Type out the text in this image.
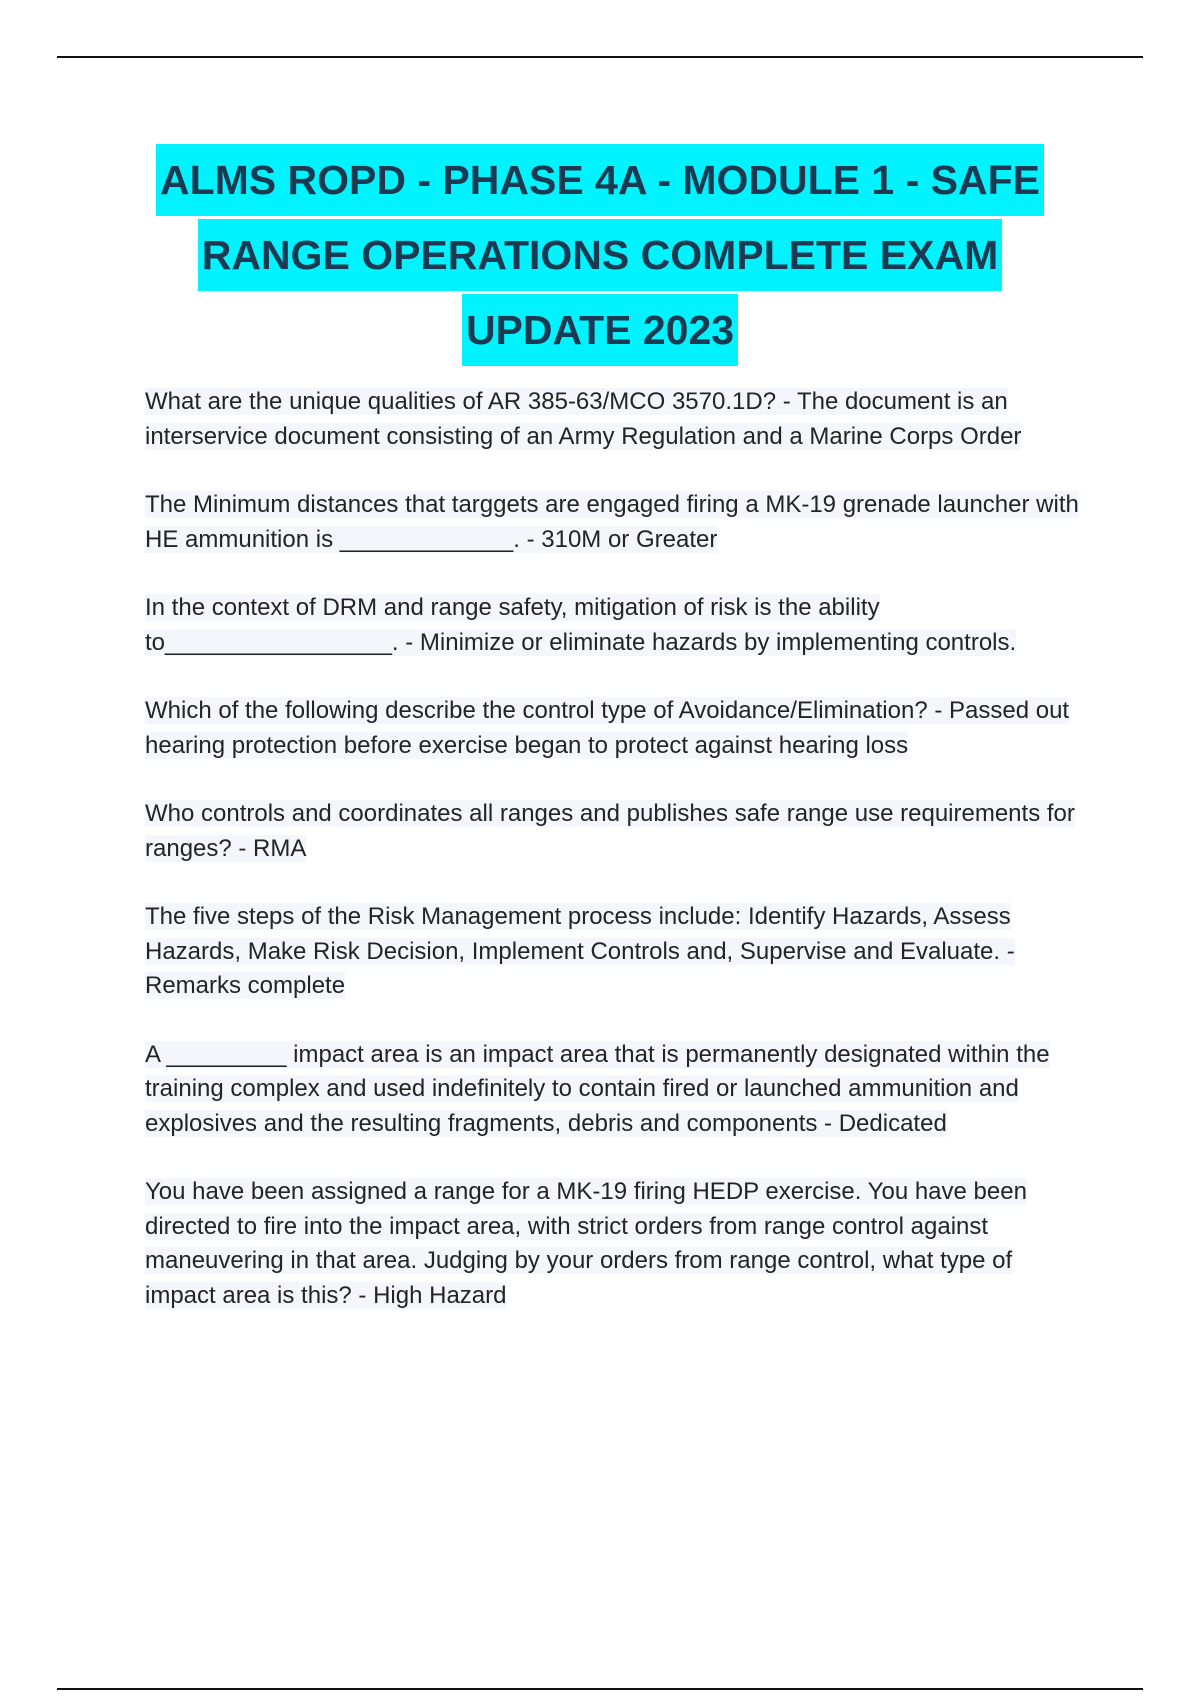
ALMS ROPD - PHASE 4A - MODULE 1 - SAFE
RANGE OPERATIONS COMPLETE EXAM
UPDATE 2023
What are the unique qualities of AR 385-63/MCO 3570.1D? - The document is an interservice document consisting of an Army Regulation and a Marine Corps Order
The Minimum distances that targgets are engaged firing a MK-19 grenade launcher with HE ammunition is _____________. - 310M or Greater
In the context of DRM and range safety, mitigation of risk is the ability to_________________. - Minimize or eliminate hazards by implementing controls.
Which of the following describe the control type of Avoidance/Elimination? - Passed out hearing protection before exercise began to protect against hearing loss
Who controls and coordinates all ranges and publishes safe range use requirements for ranges? - RMA
The five steps of the Risk Management process include: Identify Hazards, Assess Hazards, Make Risk Decision, Implement Controls and, Supervise and Evaluate. - Remarks complete
A _________ impact area is an impact area that is permanently designated within the training complex and used indefinitely to contain fired or launched ammunition and explosives and the resulting fragments, debris and components - Dedicated
You have been assigned a range for a MK-19 firing HEDP exercise. You have been directed to fire into the impact area, with strict orders from range control against maneuvering in that area. Judging by your orders from range control, what type of impact area is this? - High Hazard
